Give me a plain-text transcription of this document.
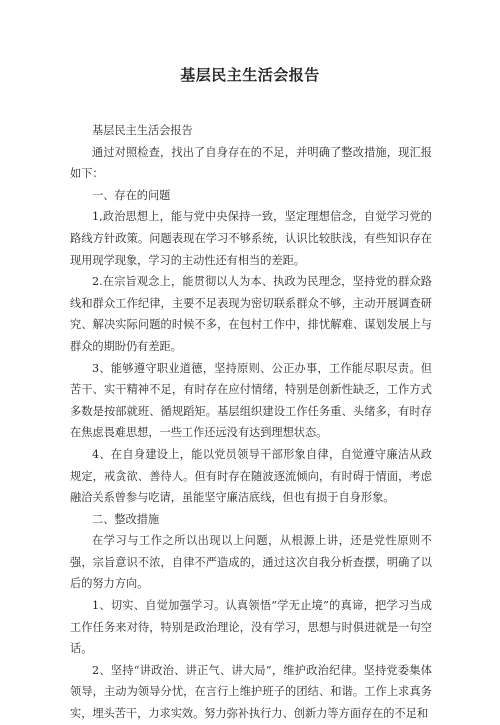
基层民主生活会报告

基层民主生活会报告

通过对照检查，找出了自身存在的不足，并明确了整改措施，现汇报如下：

一、存在的问题

1,政治思想上，能与党中央保持一致，坚定理想信念，自觉学习党的路线方针政策。问题表现在学习不够系统，认识比较肤浅，有些知识存在现用现学现象，学习的主动性还有相当的差距。

2.在宗旨观念上，能贯彻以人为本、执政为民理念，坚持党的群众路线和群众工作纪律，主要不足表现为密切联系群众不够，主动开展调查研究、解决实际问题的时候不多，在包村工作中，排忧解难、谋划发展上与群众的期盼仍有差距。

3、能够遵守职业道德，坚持原则、公正办事，工作能尽职尽责。但苦干、实干精神不足，有时存在应付情绪，特别是创新性缺乏，工作方式多数是按部就班、循规蹈矩。基层组织建设工作任务重、头绪多，有时存在焦虑畏难思想，一些工作还远没有达到理想状态。

4、在自身建设上，能以党员领导干部形象自律，自觉遵守廉洁从政规定，戒贪欲、善待人。但有时存在随波逐流倾向，有时碍于情面，考虑融洽关系曾参与吃请，虽能坚守廉洁底线，但也有损于自身形象。

二、整改措施

在学习与工作之所以出现以上问题，从根源上讲，还是党性原则不强，宗旨意识不浓，自律不严造成的，通过这次自我分析查摆，明确了以后的努力方向。

1、切实、自觉加强学习。认真领悟“学无止境”的真谛，把学习当成工作任务来对待，特别是政治理论，没有学习，思想与时俱进就是一句空话。

2、坚持“讲政治、讲正气、讲大局”，维护政治纪律。坚持党委集体领导，主动为领导分忧，在言行上维护班子的团结、和谐。工作上求真务实，埋头苦干，力求实效。努力弥补执行力、创新力等方面存在的不足和
